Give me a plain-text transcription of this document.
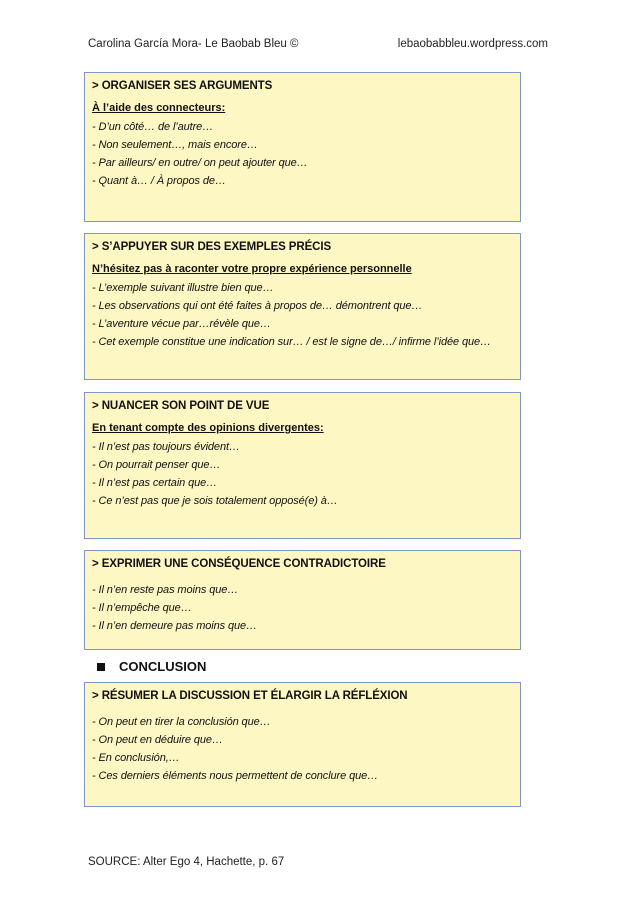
Carolina García Mora- Le Baobab Bleu ©	lebaobabbleu.wordpress.com
> ORGANISER SES ARGUMENTS
À l’aide des connecteurs:
- D’un côté… de l’autre…
- Non seulement…, mais encore…
- Par ailleurs/ en outre/ on peut ajouter que…
- Quant à… / À propos de…
> S’APPUYER SUR DES EXEMPLES PRÉCIS
N’hésitez pas à raconter votre propre expérience personnelle
- L’exemple suivant illustre bien que…
- Les observations qui ont été faites à propos de… démontrent que…
- L’aventure vécue par…révèle que…
- Cet exemple constitue une indication sur… / est le signe de…/ infirme l’idée que…
> NUANCER SON POINT DE VUE
En tenant compte des opinions divergentes:
- Il n’est pas toujours évident…
- On pourrait penser que…
- Il n’est pas certain que…
- Ce n’est pas que je sois totalement opposé(e) à…
> EXPRIMER UNE CONSÉQUENCE CONTRADICTOIRE
- Il n’en reste pas moins que…
- Il n’empêche que…
- Il n’en demeure pas moins que…
CONCLUSION
> RÉSUMER LA DISCUSSION ET ÉLARGIR LA RÉFLÉXION
- On peut en tirer la conclusión que…
- On peut en déduire que…
- En conclusión,…
- Ces derniers éléments nous permettent de conclure que…
SOURCE: Alter Ego 4, Hachette, p. 67
